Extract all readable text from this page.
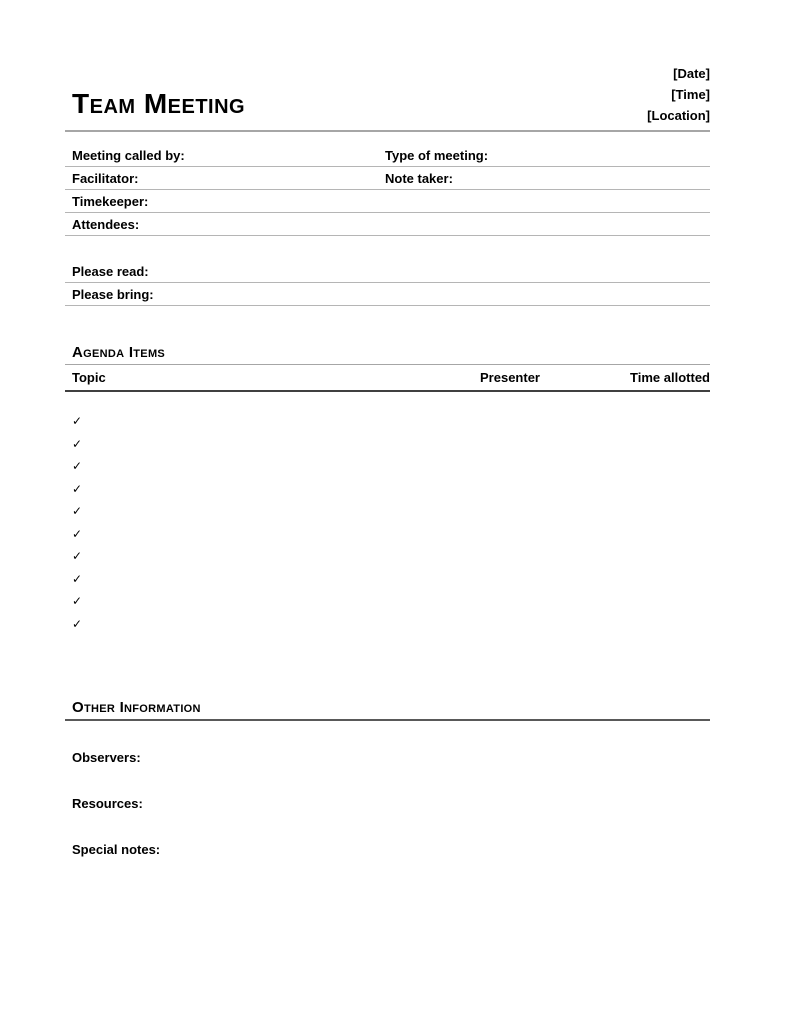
Team Meeting
[Date]
[Time]
[Location]
Meeting called by:	Type of meeting:
Facilitator:	Note taker:
Timekeeper:
Attendees:
Please read:
Please bring:
Agenda Items
Topic	Presenter	Time allotted
✓
✓
✓
✓
✓
✓
✓
✓
✓
✓
Other Information
Observers:
Resources:
Special notes:
